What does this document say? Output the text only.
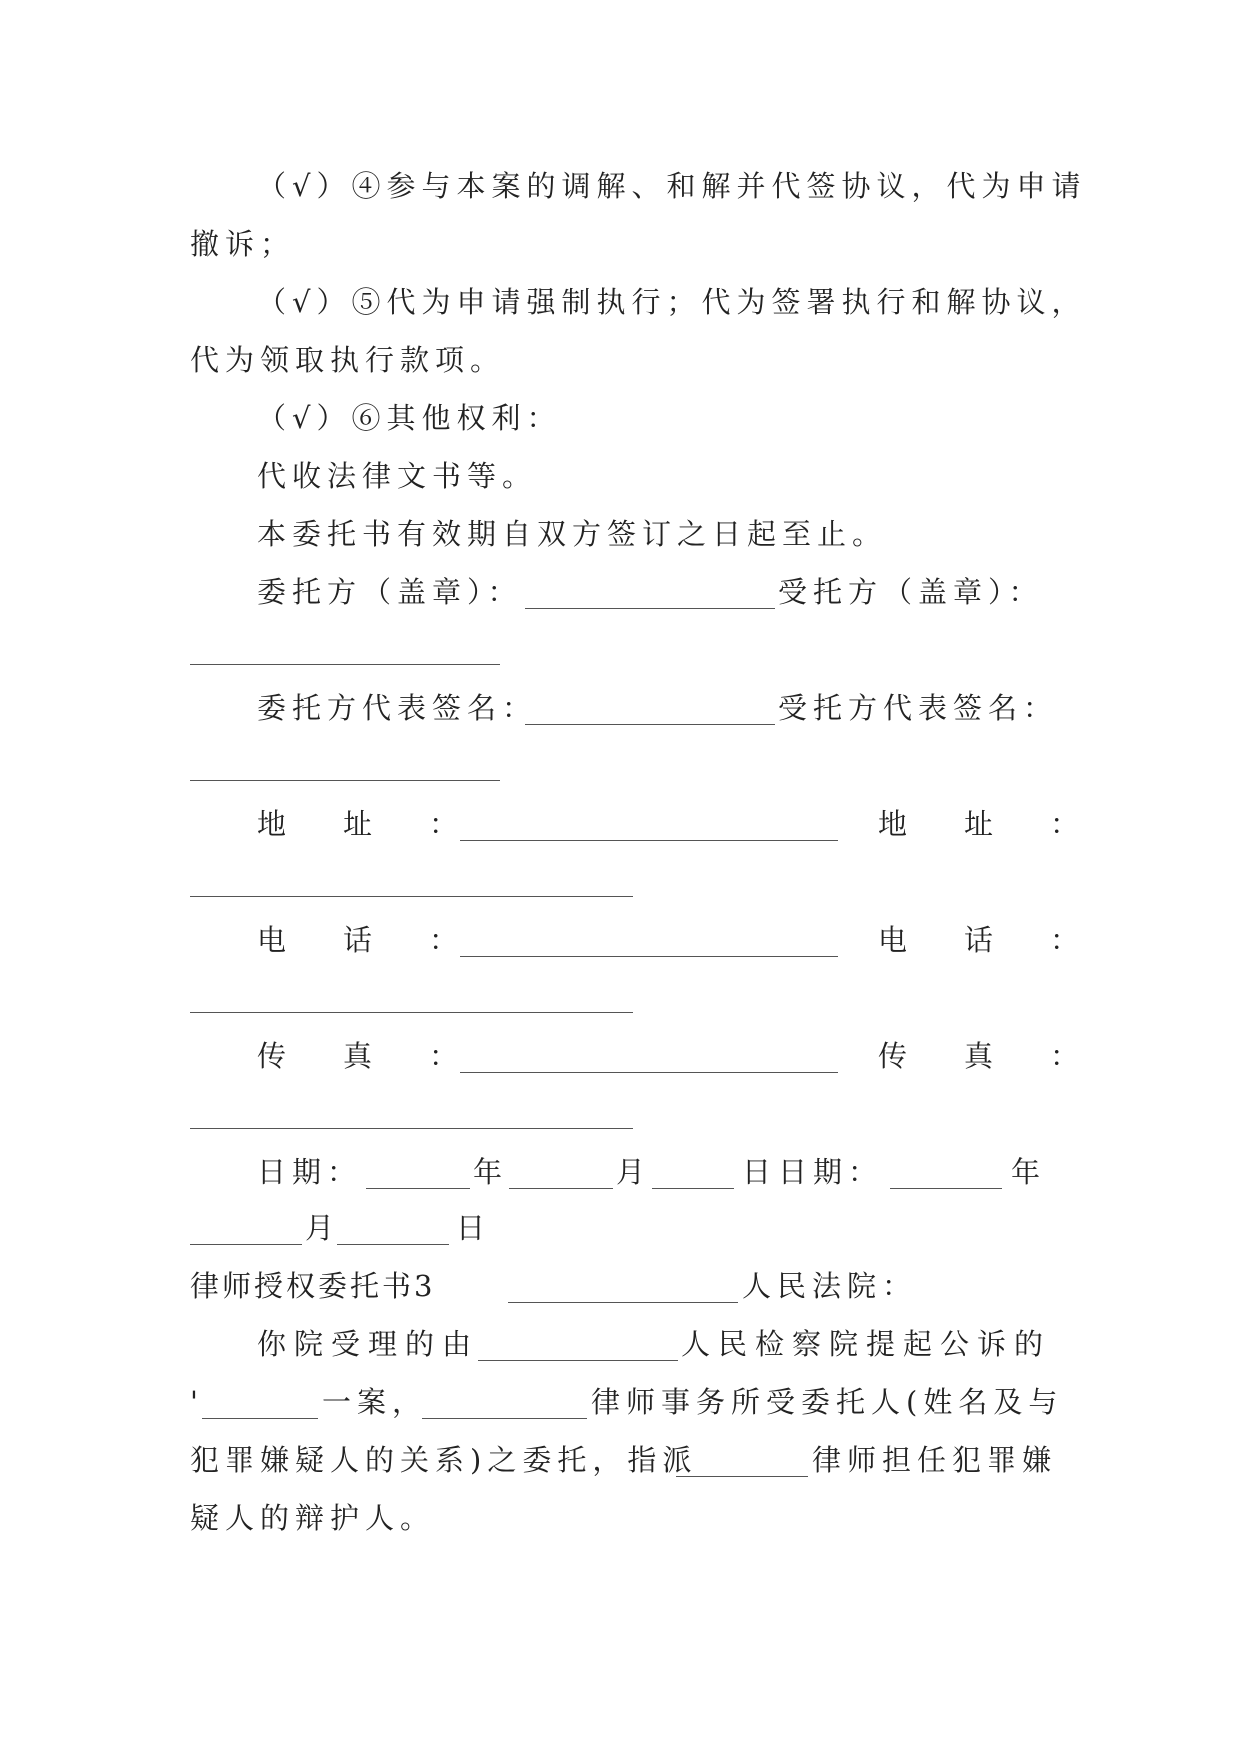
（√）④参与本案的调解、和解并代签协议，代为申请
撤诉；
（√）⑤代为申请强制执行；代为签署执行和解协议，
代为领取执行款项。
（√）⑥其他权利：
代收法律文书等。
本委托书有效期自双方签订之日起至止。
委托方（盖章）：	受托方（盖章）：
委托方代表签名：	受托方代表签名：
地　址　：	地　址　：
电　话　：	电　话　：
传　真　：	传　真　：
日期：	年	月	日 日期：	年
月	日
律师授权委托书3	人民法院：
你院受理的由	人民检察院提起公诉的
'	一案，	律师事务所受委托人(姓名及与
犯罪嫌疑人的关系)之委托，指派	律师担任犯罪嫌
疑人的辩护人。
